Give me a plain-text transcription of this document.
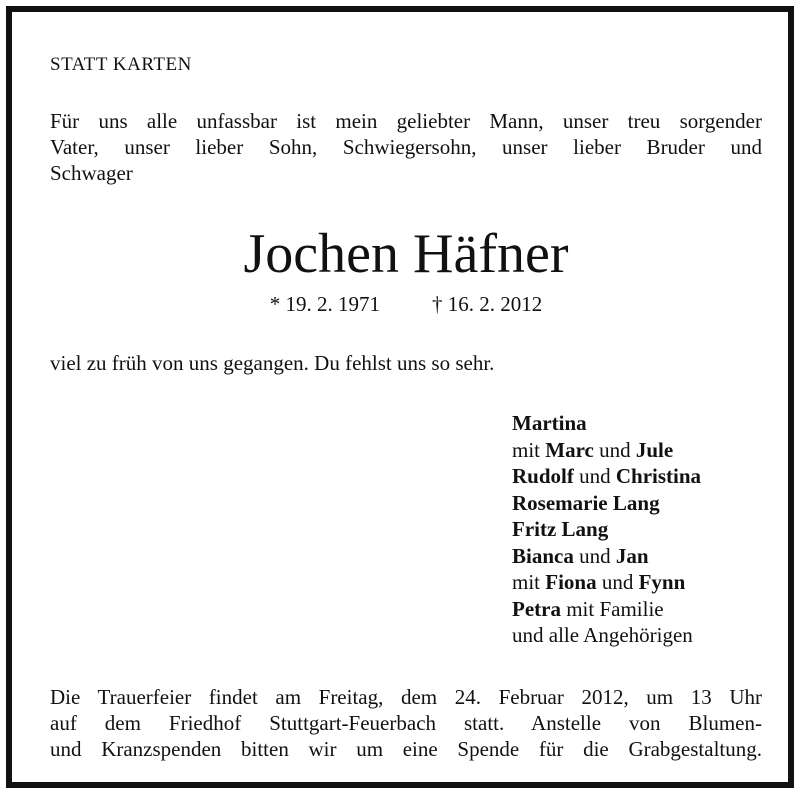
STATT KARTEN

Für uns alle unfassbar ist mein geliebter Mann, unser treu sorgender

Vater, unser lieber Sohn, Schwiegersohn, unser lieber Bruder und

Schwager

Jochen Häfner
* 19. 2. 1971 † 16. 2. 2012
viel zu früh von uns gegangen. Du fehlst uns so sehr.
Martina
mit Marc und Jule
Rudolf und Christina
Rosemarie Lang
Fritz Lang
Bianca und Jan
mit Fiona und Fynn
Petra mit Familie
und alle Angehörigen

Die Trauerfeier findet am Freitag, dem 24. Februar 2012, um 13 Uhr

auf dem Friedhof Stuttgart-Feuerbach statt. Anstelle von Blumen-

und Kranzspenden bitten wir um eine Spende für die Grabgestaltung.
